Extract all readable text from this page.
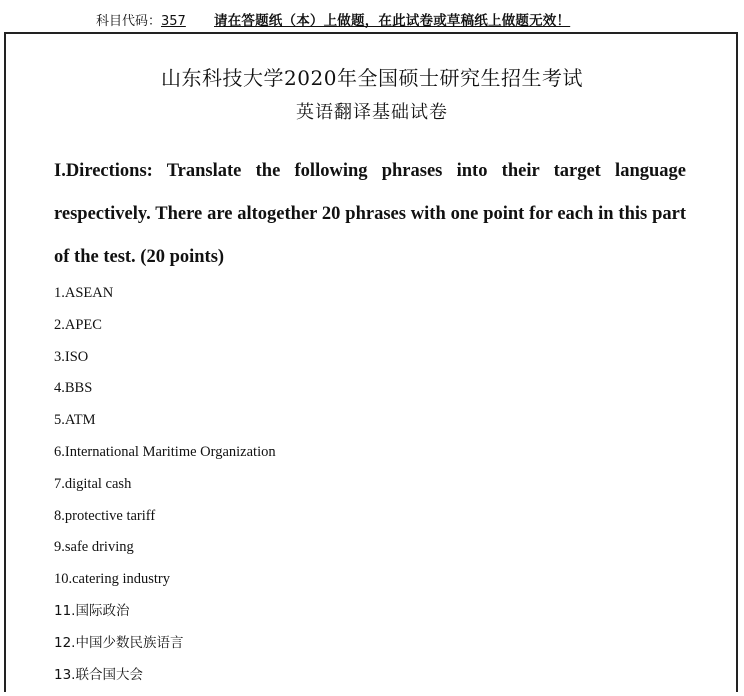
科目代码：357 请在答题纸（本）上做题，在此试卷或草稿纸上做题无效！
山东科技大学2020年全国硕士研究生招生考试
英语翻译基础试卷

I.Directions: Translate the following phrases into their target language respectively. There are altogether 20 phrases with one point for each in this part of the test. (20 points)

1.ASEAN
2.APEC
3.ISO
4.BBS
5.ATM
6.International Maritime Organization
7.digital cash
8.protective tariff
9.safe driving
10.catering industry
11.国际政治
12.中国少数民族语言
13.联合国大会
